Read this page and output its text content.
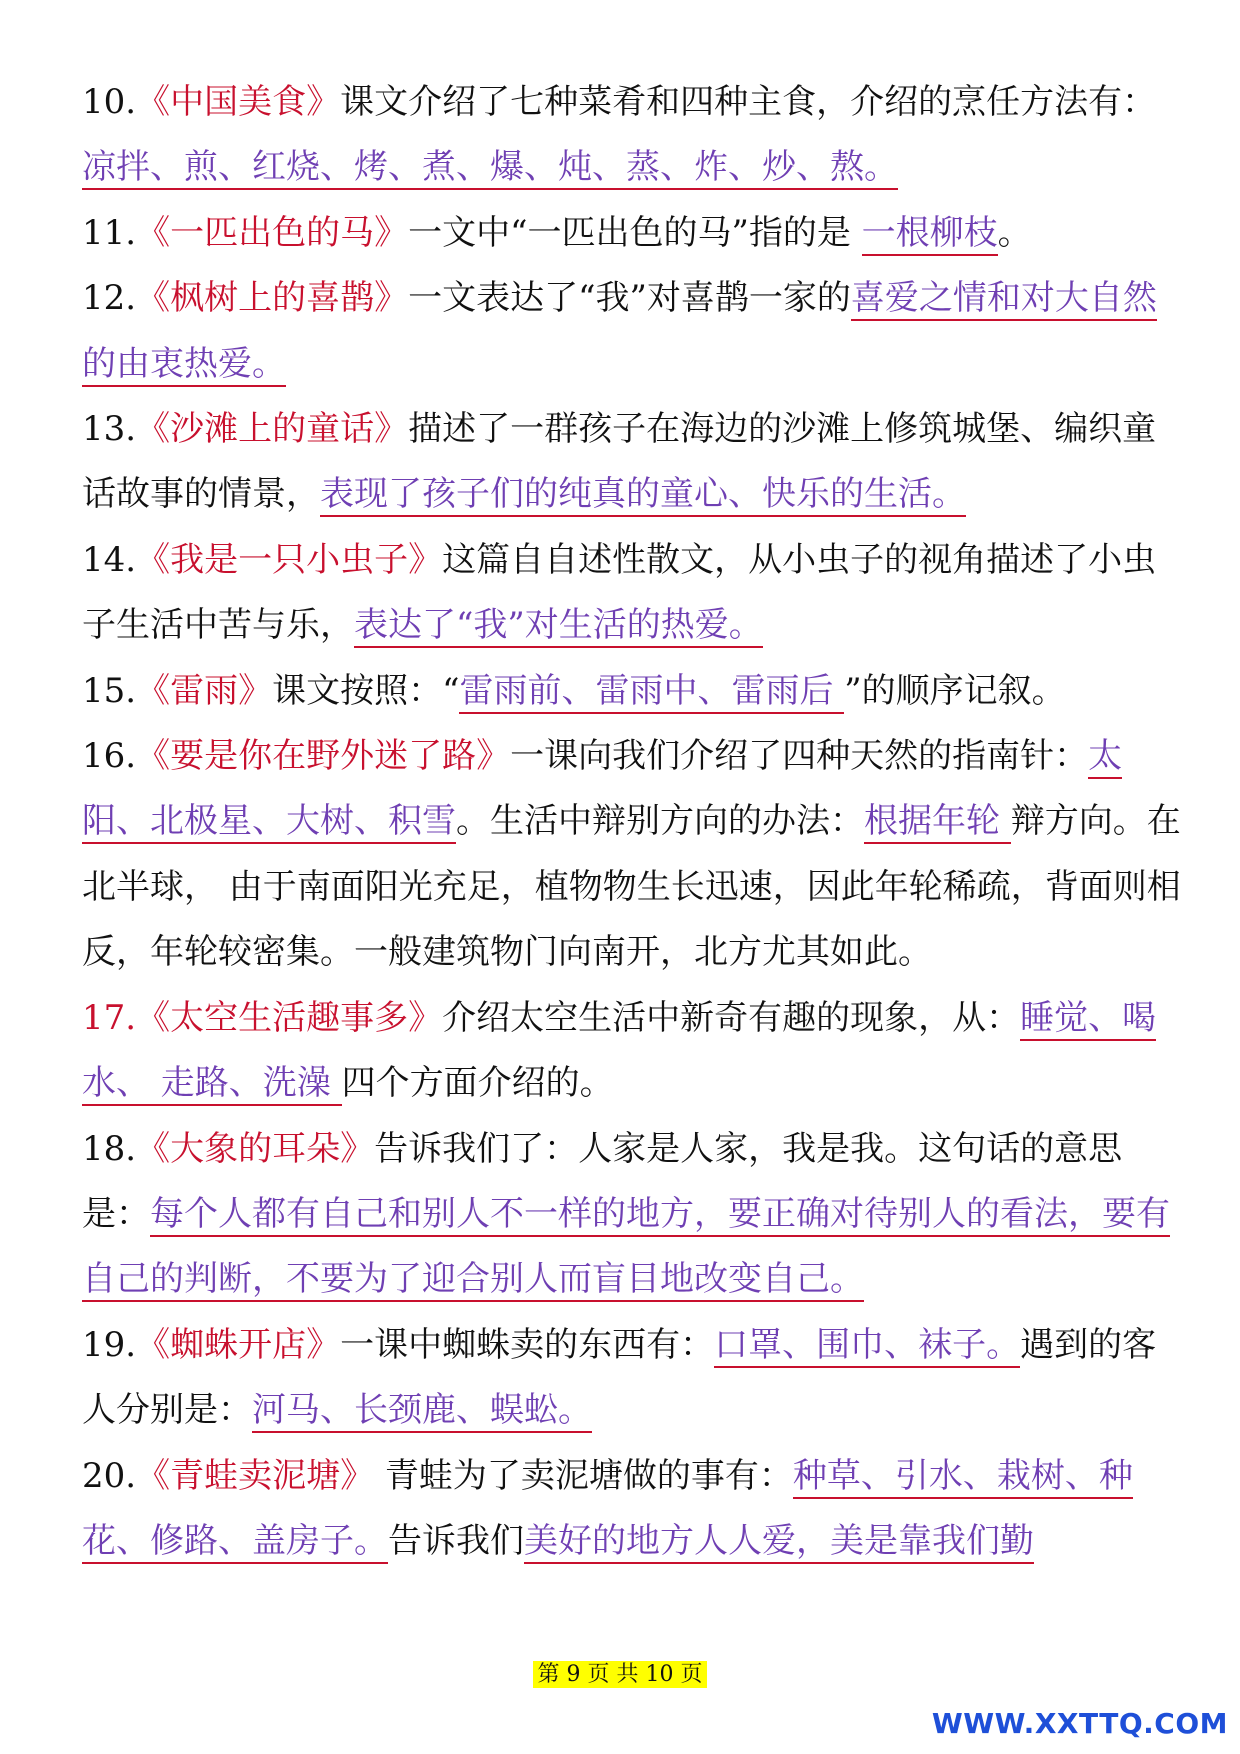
10.《中国美食》课文介绍了七种菜肴和四种主食，介绍的烹任方法有：凉拌、煎、红烧、烤、煮、爆、炖、蒸、炸、炒、熬。
11.《一匹出色的马》一文中“一匹出色的马”指的是 一根柳枝。
12.《枫树上的喜鹊》一文表达了“我”对喜鹊一家的喜爱之情和对大自然的由衷热爱。
13.《沙滩上的童话》描述了一群孩子在海边的沙滩上修筑城堡、编织童话故事的情景，表现了孩子们的纯真的童心、快乐的生活。
14.《我是一只小虫子》这篇自自述性散文，从小虫子的视角描述了小虫子生活中苦与乐，表达了“我”对生活的热爱。
15.《雷雨》课文按照：“雷雨前、雷雨中、雷雨后 ”的顺序记叙。
16.《要是你在野外迷了路》一课向我们介绍了四种天然的指南针：太阳、北极星、大树、积雪。生活中辩别方向的办法：根据年轮 辩方向。在北半球， 由于南面阳光充足，植物物生长迅速，因此年轮稀疏，背面则相反，年轮较密集。一般建筑物门向南开，北方尤其如此。
17.《太空生活趣事多》介绍太空生活中新奇有趣的现象，从：睡觉、喝水、 走路、洗澡 四个方面介绍的。
18.《大象的耳朵》告诉我们了：人家是人家，我是我。这句话的意思是：每个人都有自己和别人不一样的地方，要正确对待别人的看法，要有自己的判断，不要为了迎合别人而盲目地改变自己。
19.《蜘蛛开店》一课中蜘蛛卖的东西有：口罩、围巾、袜子。遇到的客人分别是：河马、长颈鹿、蜈蚣。
20.《青蛙卖泥塘》 青蛙为了卖泥塘做的事有：种草、引水、栽树、种花、修路、盖房子。告诉我们美好的地方人人爱，美是靠我们勤
第 9 页 共 10 页
WWW.XXTTQ.COM
